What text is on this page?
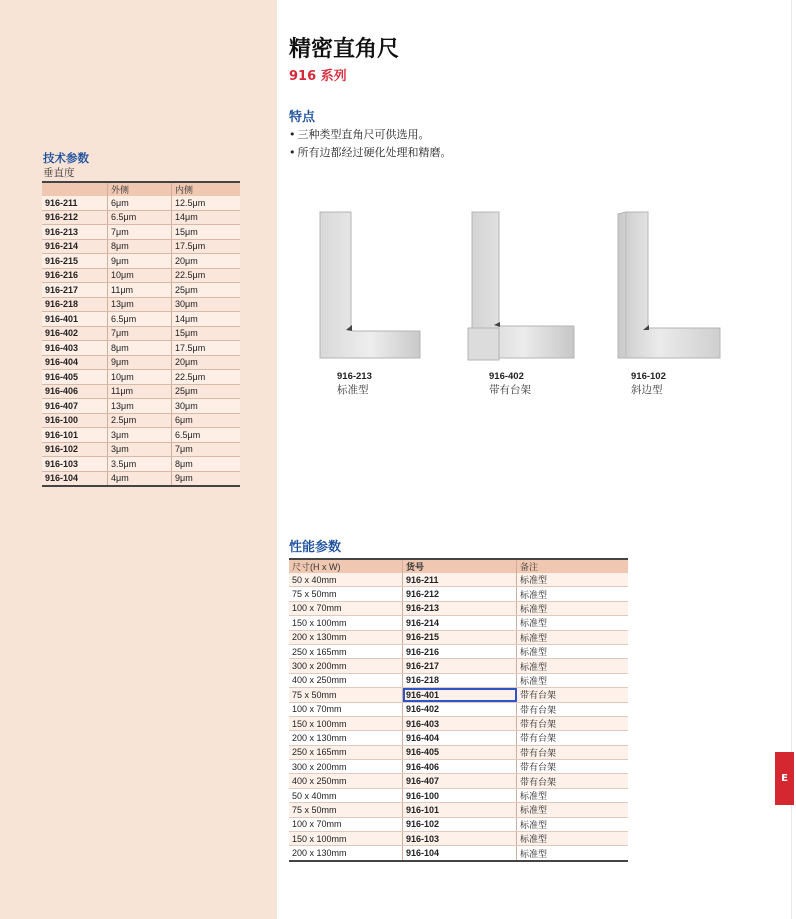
技术参数
垂直度
	外侧	内侧
916-211	6μm	12.5μm
916-212	6.5μm	14μm
916-213	7μm	15μm
916-214	8μm	17.5μm
916-215	9μm	20μm
916-216	10μm	22.5μm
916-217	11μm	25μm
916-218	13μm	30μm
916-401	6.5μm	14μm
916-402	7μm	15μm
916-403	8μm	17.5μm
916-404	9μm	20μm
916-405	10μm	22.5μm
916-406	11μm	25μm
916-407	13μm	30μm
916-100	2.5μm	6μm
916-101	3μm	6.5μm
916-102	3μm	7μm
916-103	3.5μm	8μm
916-104	4μm	9μm
精密直角尺
916 系列
特点
• 三种类型直角尺可供选用。
• 所有边都经过硬化处理和精磨。
916-213
标准型
916-402
带有台架
916-102
斜边型
性能参数
尺寸(H x W)	货号	备注
50 x 40mm	916-211	标准型
75 x 50mm	916-212	标准型
100 x 70mm	916-213	标准型
150 x 100mm	916-214	标准型
200 x 130mm	916-215	标准型
250 x 165mm	916-216	标准型
300 x 200mm	916-217	标准型
400 x 250mm	916-218	标准型
75 x 50mm	916-401	带有台架
100 x 70mm	916-402	带有台架
150 x 100mm	916-403	带有台架
200 x 130mm	916-404	带有台架
250 x 165mm	916-405	带有台架
300 x 200mm	916-406	带有台架
400 x 250mm	916-407	带有台架
50 x 40mm	916-100	标准型
75 x 50mm	916-101	标准型
100 x 70mm	916-102	标准型
150 x 100mm	916-103	标准型
200 x 130mm	916-104	标准型
E
